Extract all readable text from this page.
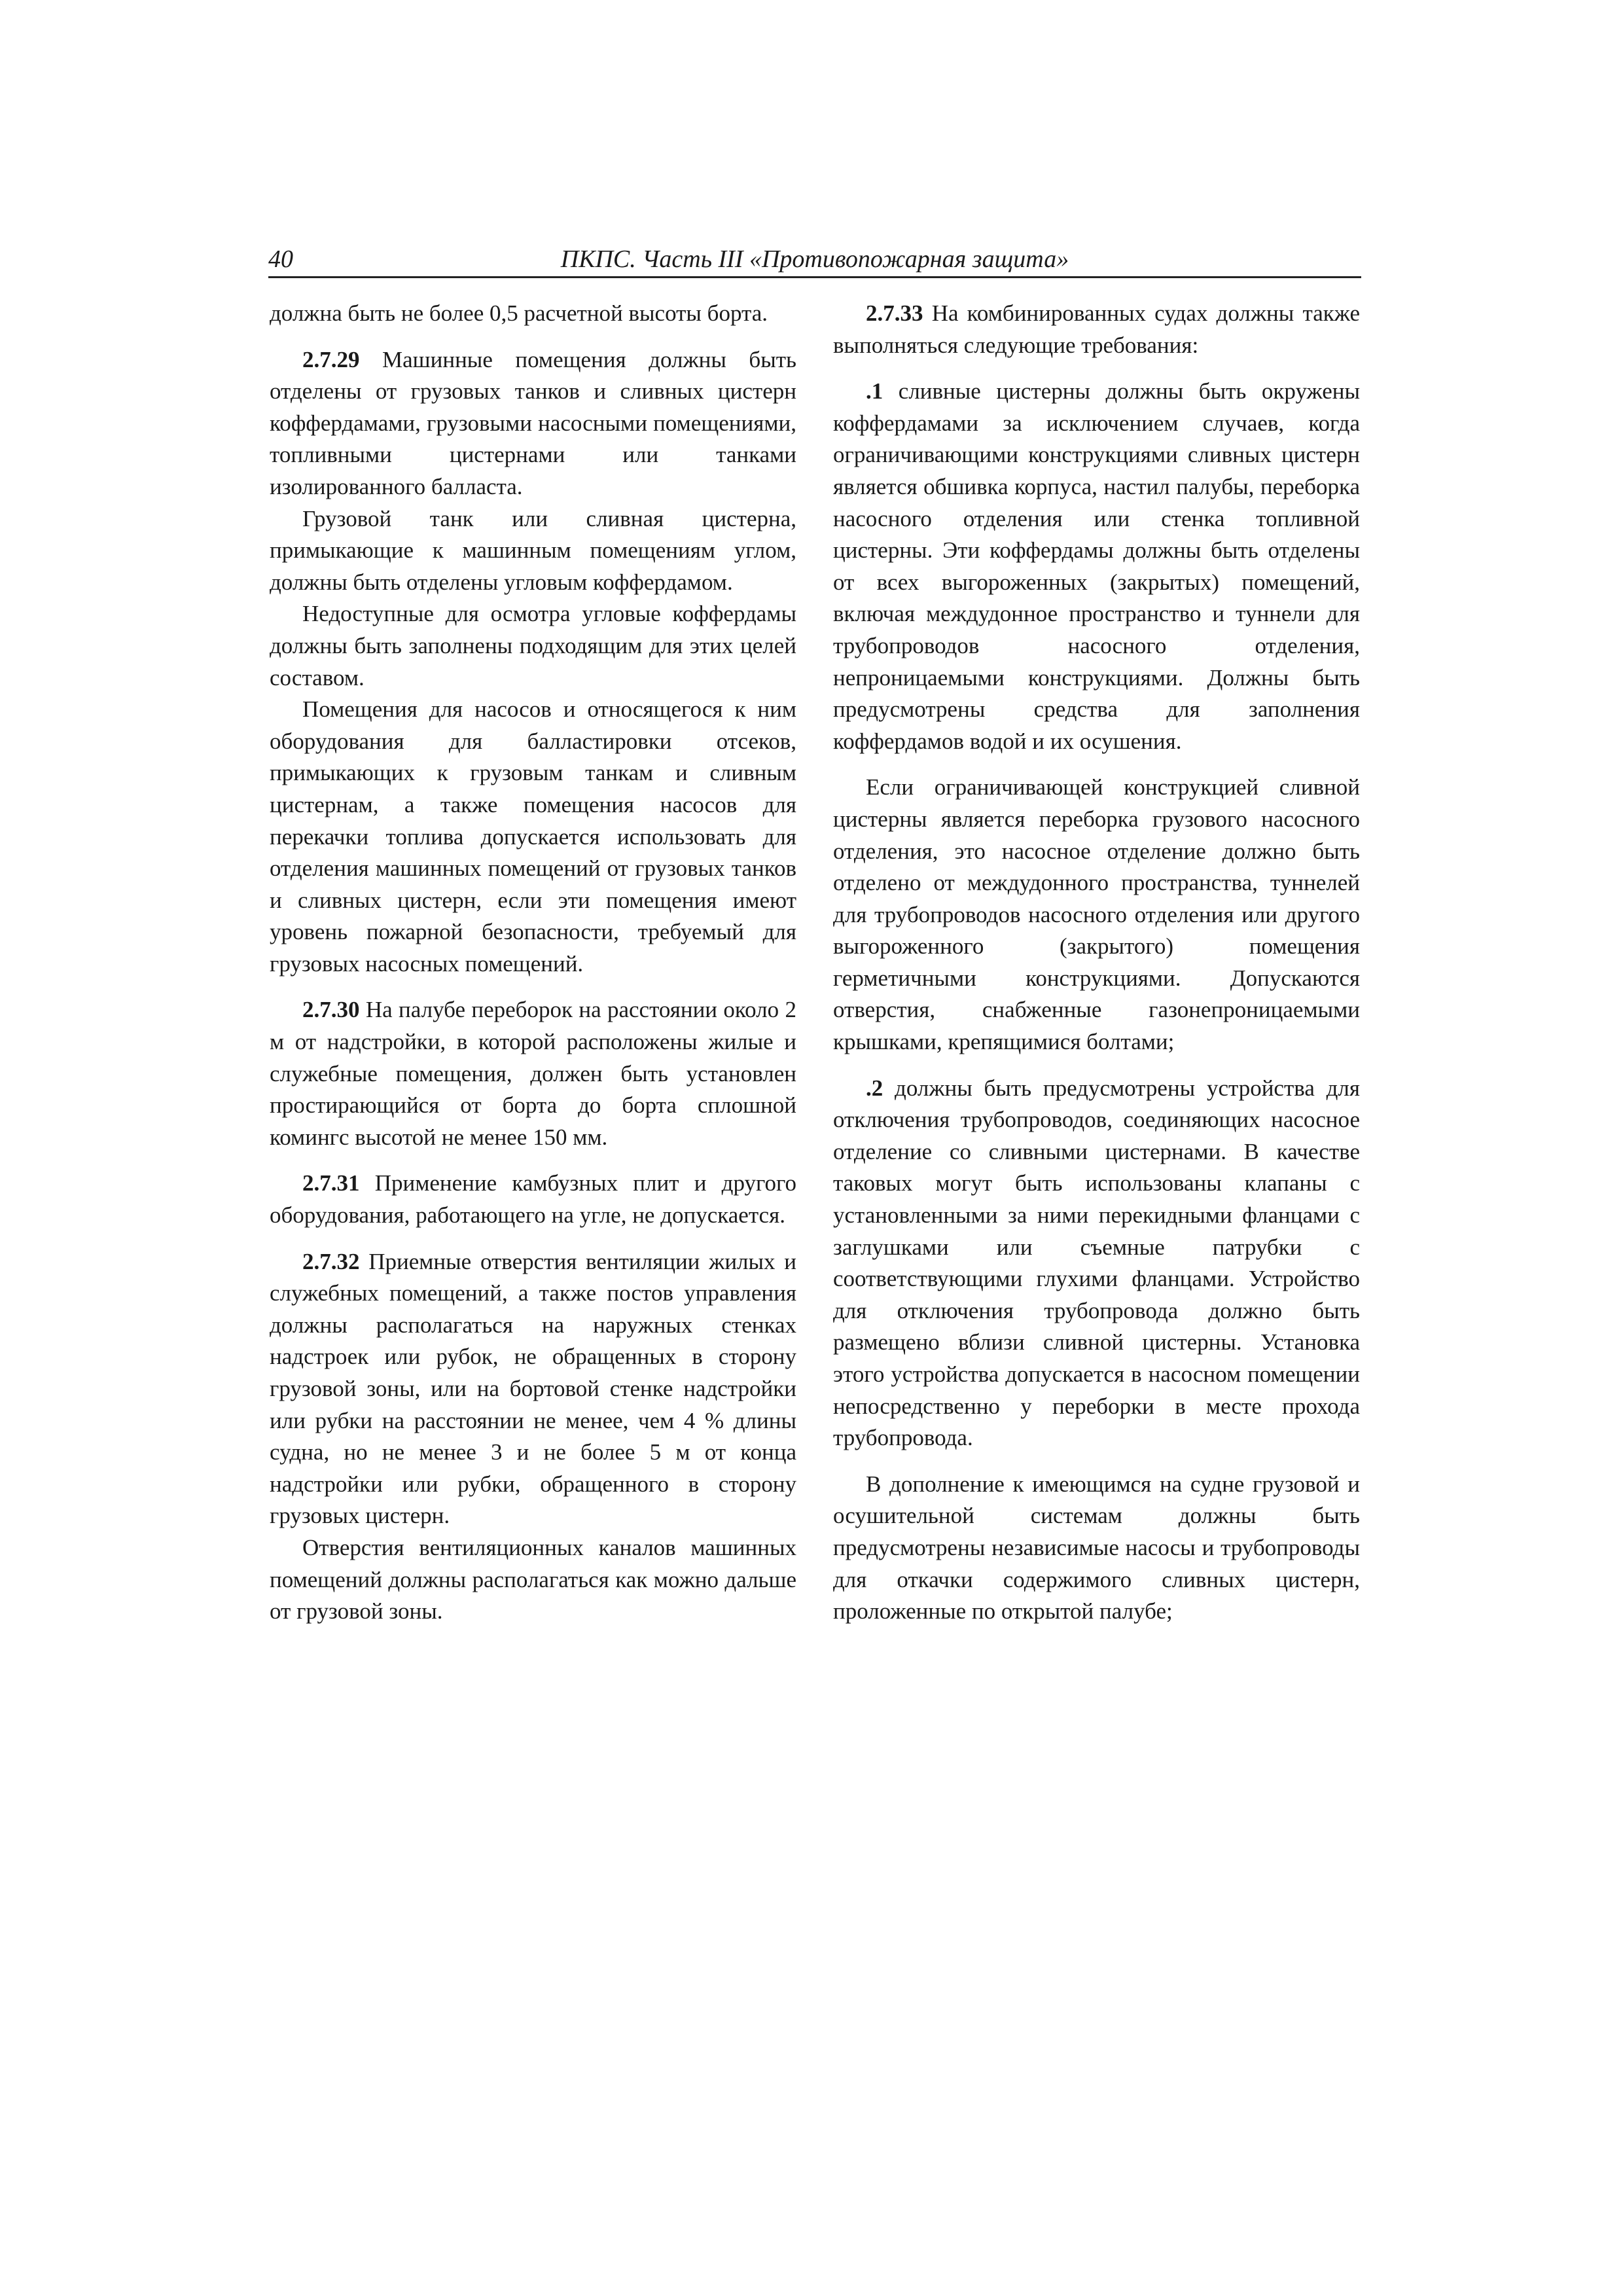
40	ПКПС. Часть III «Противопожарная защита»

должна быть не более 0,5 расчетной высоты борта.

2.7.29 Машинные помещения должны быть отделены от грузовых танков и сливных цистерн коффердамами, грузовыми насосными помещениями, топливными цистернами или танками изолированного балласта.

Грузовой танк или сливная цистерна, примыкающие к машинным помещениям углом, должны быть отделены угловым коффердамом.

Недоступные для осмотра угловые коффердамы должны быть заполнены подходящим для этих целей составом.

Помещения для насосов и относящегося к ним оборудования для балластировки отсеков, примыкающих к грузовым танкам и сливным цистернам, а также помещения насосов для перекачки топлива допускается использовать для отделения машинных помещений от грузовых танков и сливных цистерн, если эти помещения имеют уровень пожарной безопасности, требуемый для грузовых насосных помещений.

2.7.30 На палубе переборок на расстоянии около 2 м от надстройки, в которой расположены жилые и служебные помещения, должен быть установлен простирающийся от борта до борта сплошной комингс высотой не менее 150 мм.

2.7.31 Применение камбузных плит и другого оборудования, работающего на угле, не допускается.

2.7.32 Приемные отверстия вентиляции жилых и служебных помещений, а также постов управления должны располагаться на наружных стенках надстроек или рубок, не обращенных в сторону грузовой зоны, или на бортовой стенке надстройки или рубки на расстоянии не менее, чем 4 % длины судна, но не менее 3 и не более 5 м от конца надстройки или рубки, обращенного в сторону грузовых цистерн.

Отверстия вентиляционных каналов машинных помещений должны располагаться как можно дальше от грузовой зоны.

2.7.33 На комбинированных судах должны также выполняться следующие требования:

.1 сливные цистерны должны быть окружены коффердамами за исключением случаев, когда ограничивающими конструкциями сливных цистерн является обшивка корпуса, настил палубы, переборка насосного отделения или стенка топливной цистерны. Эти коффердамы должны быть отделены от всех выгороженных (закрытых) помещений, включая междудонное пространство и туннели для трубопроводов насосного отделения, непроницаемыми конструкциями. Должны быть предусмотрены средства для заполнения коффердамов водой и их осушения.

Если ограничивающей конструкцией сливной цистерны является переборка грузового насосного отделения, это насосное отделение должно быть отделено от междудонного пространства, туннелей для трубопроводов насосного отделения или другого выгороженного (закрытого) помещения герметичными конструкциями. Допускаются отверстия, снабженные газонепроницаемыми крышками, крепящимися болтами;

.2 должны быть предусмотрены устройства для отключения трубопроводов, соединяющих насосное отделение со сливными цистернами. В качестве таковых могут быть использованы клапаны с установленными за ними перекидными фланцами с заглушками или съемные патрубки с соответствующими глухими фланцами. Устройство для отключения трубопровода должно быть размещено вблизи сливной цистерны. Установка этого устройства допускается в насосном помещении непосредственно у переборки в месте прохода трубопровода.

В дополнение к имеющимся на судне грузовой и осушительной системам должны быть предусмотрены независимые насосы и трубопроводы для откачки содержимого сливных цистерн, проложенные по открытой палубе;
